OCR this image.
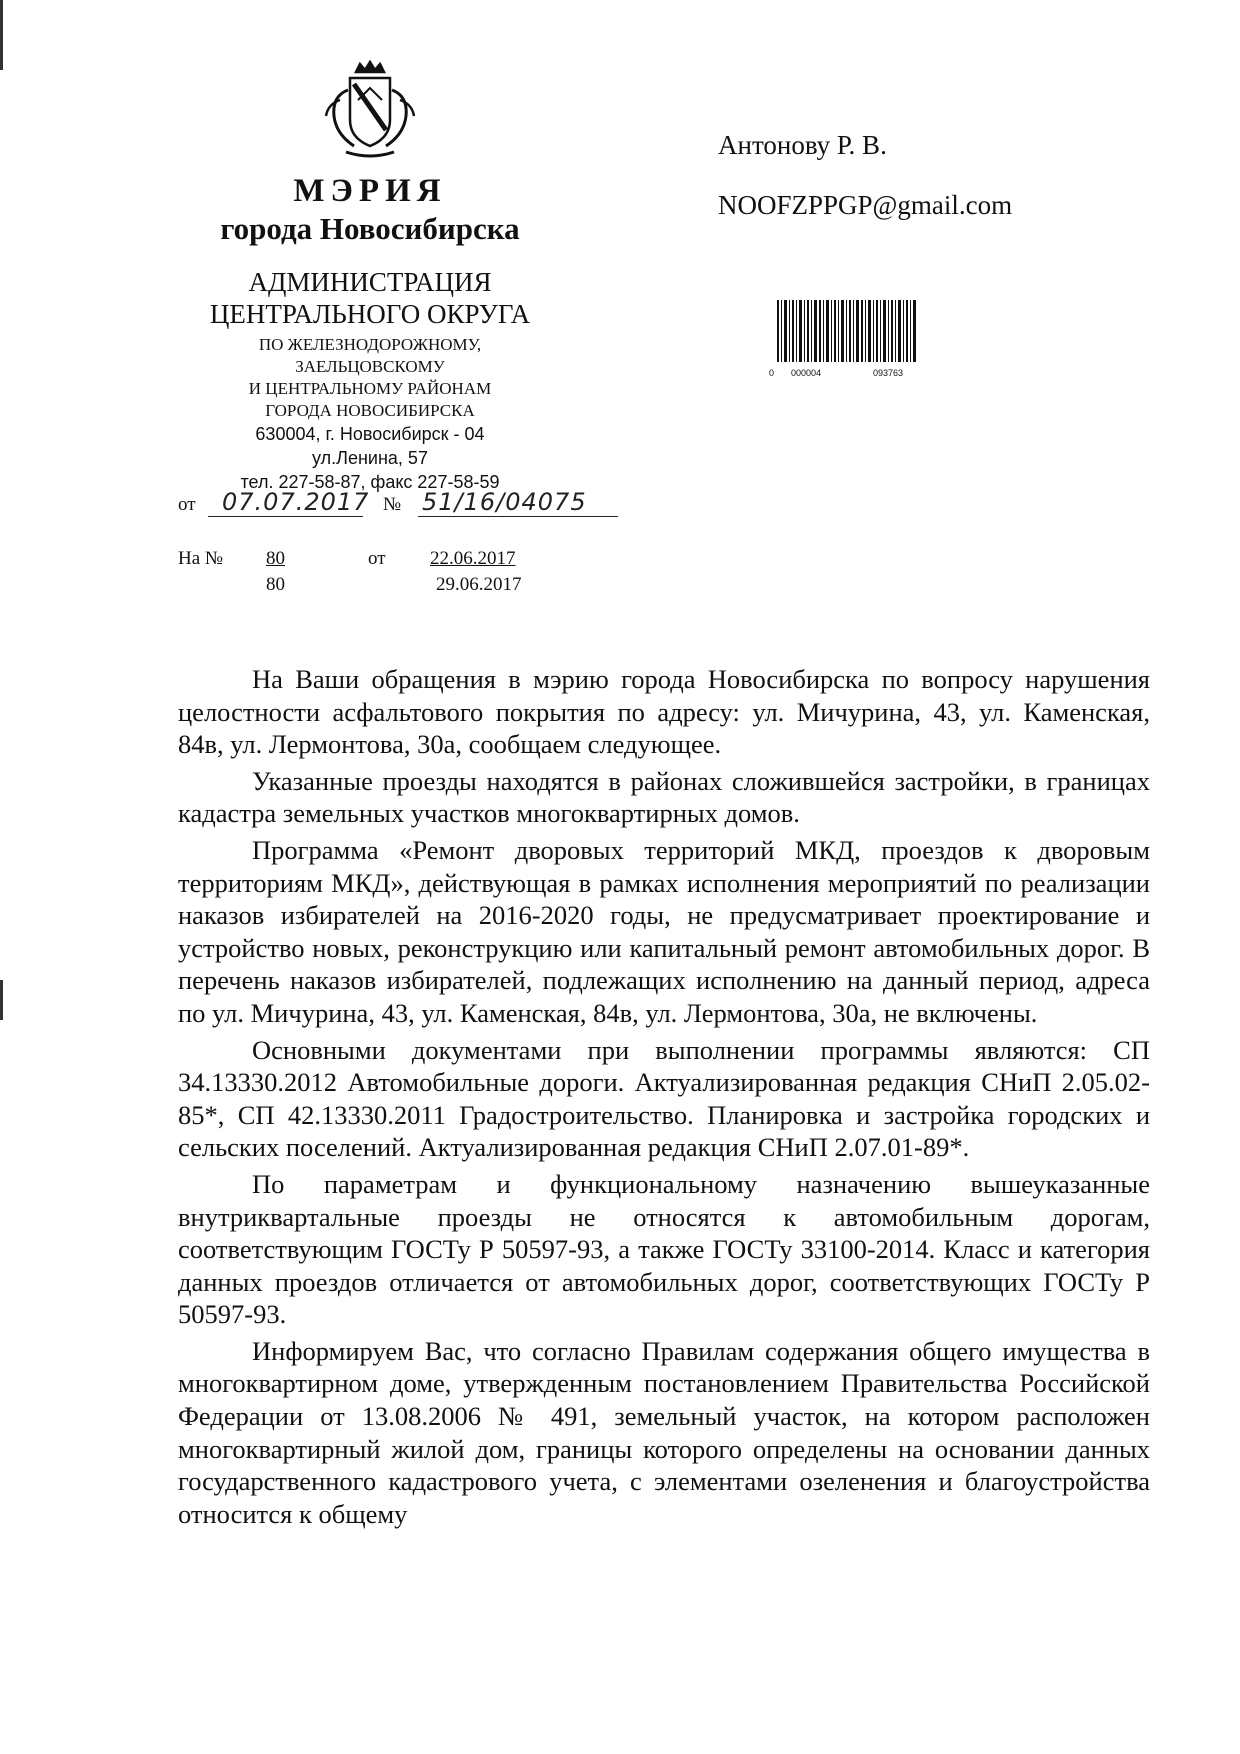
МЭРИЯ
города Новосибирска
АДМИНИСТРАЦИЯ
ЦЕНТРАЛЬНОГО ОКРУГА
ПО ЖЕЛЕЗНОДОРОЖНОМУ,
ЗАЕЛЬЦОВСКОМУ
И ЦЕНТРАЛЬНОМУ РАЙОНАМ
ГОРОДА НОВОСИБИРСКА
630004, г. Новосибирск - 04
ул.Ленина, 57
тел. 227-58-87, факс 227-58-59
от 07.07.2017 № 51/16/04075
На № 80	от 22.06.2017
80	29.06.2017
Антонову Р. В.
NOOFZPPGP@gmail.com
0 000004	093763

На Ваши обращения в мэрию города Новосибирска по вопросу нарушения целостности асфальтового покрытия по адресу: ул. Мичурина, 43, ул. Каменская, 84в, ул. Лермонтова, 30а, сообщаем следующее.

Указанные проезды находятся в районах сложившейся застройки, в границах кадастра земельных участков многоквартирных домов.

Программа «Ремонт дворовых территорий МКД, проездов к дворовым территориям МКД», действующая в рамках исполнения мероприятий по реализации наказов избирателей на 2016-2020 годы, не предусматривает проектирование и устройство новых, реконструкцию или капитальный ремонт автомобильных дорог. В перечень наказов избирателей, подлежащих исполнению на данный период, адреса по ул. Мичурина, 43, ул. Каменская, 84в, ул. Лермонтова, 30а, не включены.

Основными документами при выполнении программы являются: СП 34.13330.2012 Автомобильные дороги. Актуализированная редакция СНиП 2.05.02-85*, СП 42.13330.2011 Градостроительство. Планировка и застройка городских и сельских поселений. Актуализированная редакция СНиП 2.07.01-89*.

По параметрам и функциональному назначению вышеуказанные внутриквартальные проезды не относятся к автомобильным дорогам, соответствующим ГОСТу Р 50597-93, а также ГОСТу 33100-2014. Класс и категория данных проездов отличается от автомобильных дорог, соответствующих ГОСТу Р 50597-93.

Информируем Вас, что согласно Правилам содержания общего имущества в многоквартирном доме, утвержденным постановлением Правительства Российской Федерации от 13.08.2006 № 491, земельный участок, на котором расположен многоквартирный жилой дом, границы которого определены на основании данных государственного кадастрового учета, с элементами озеленения и благоустройства относится к общему
